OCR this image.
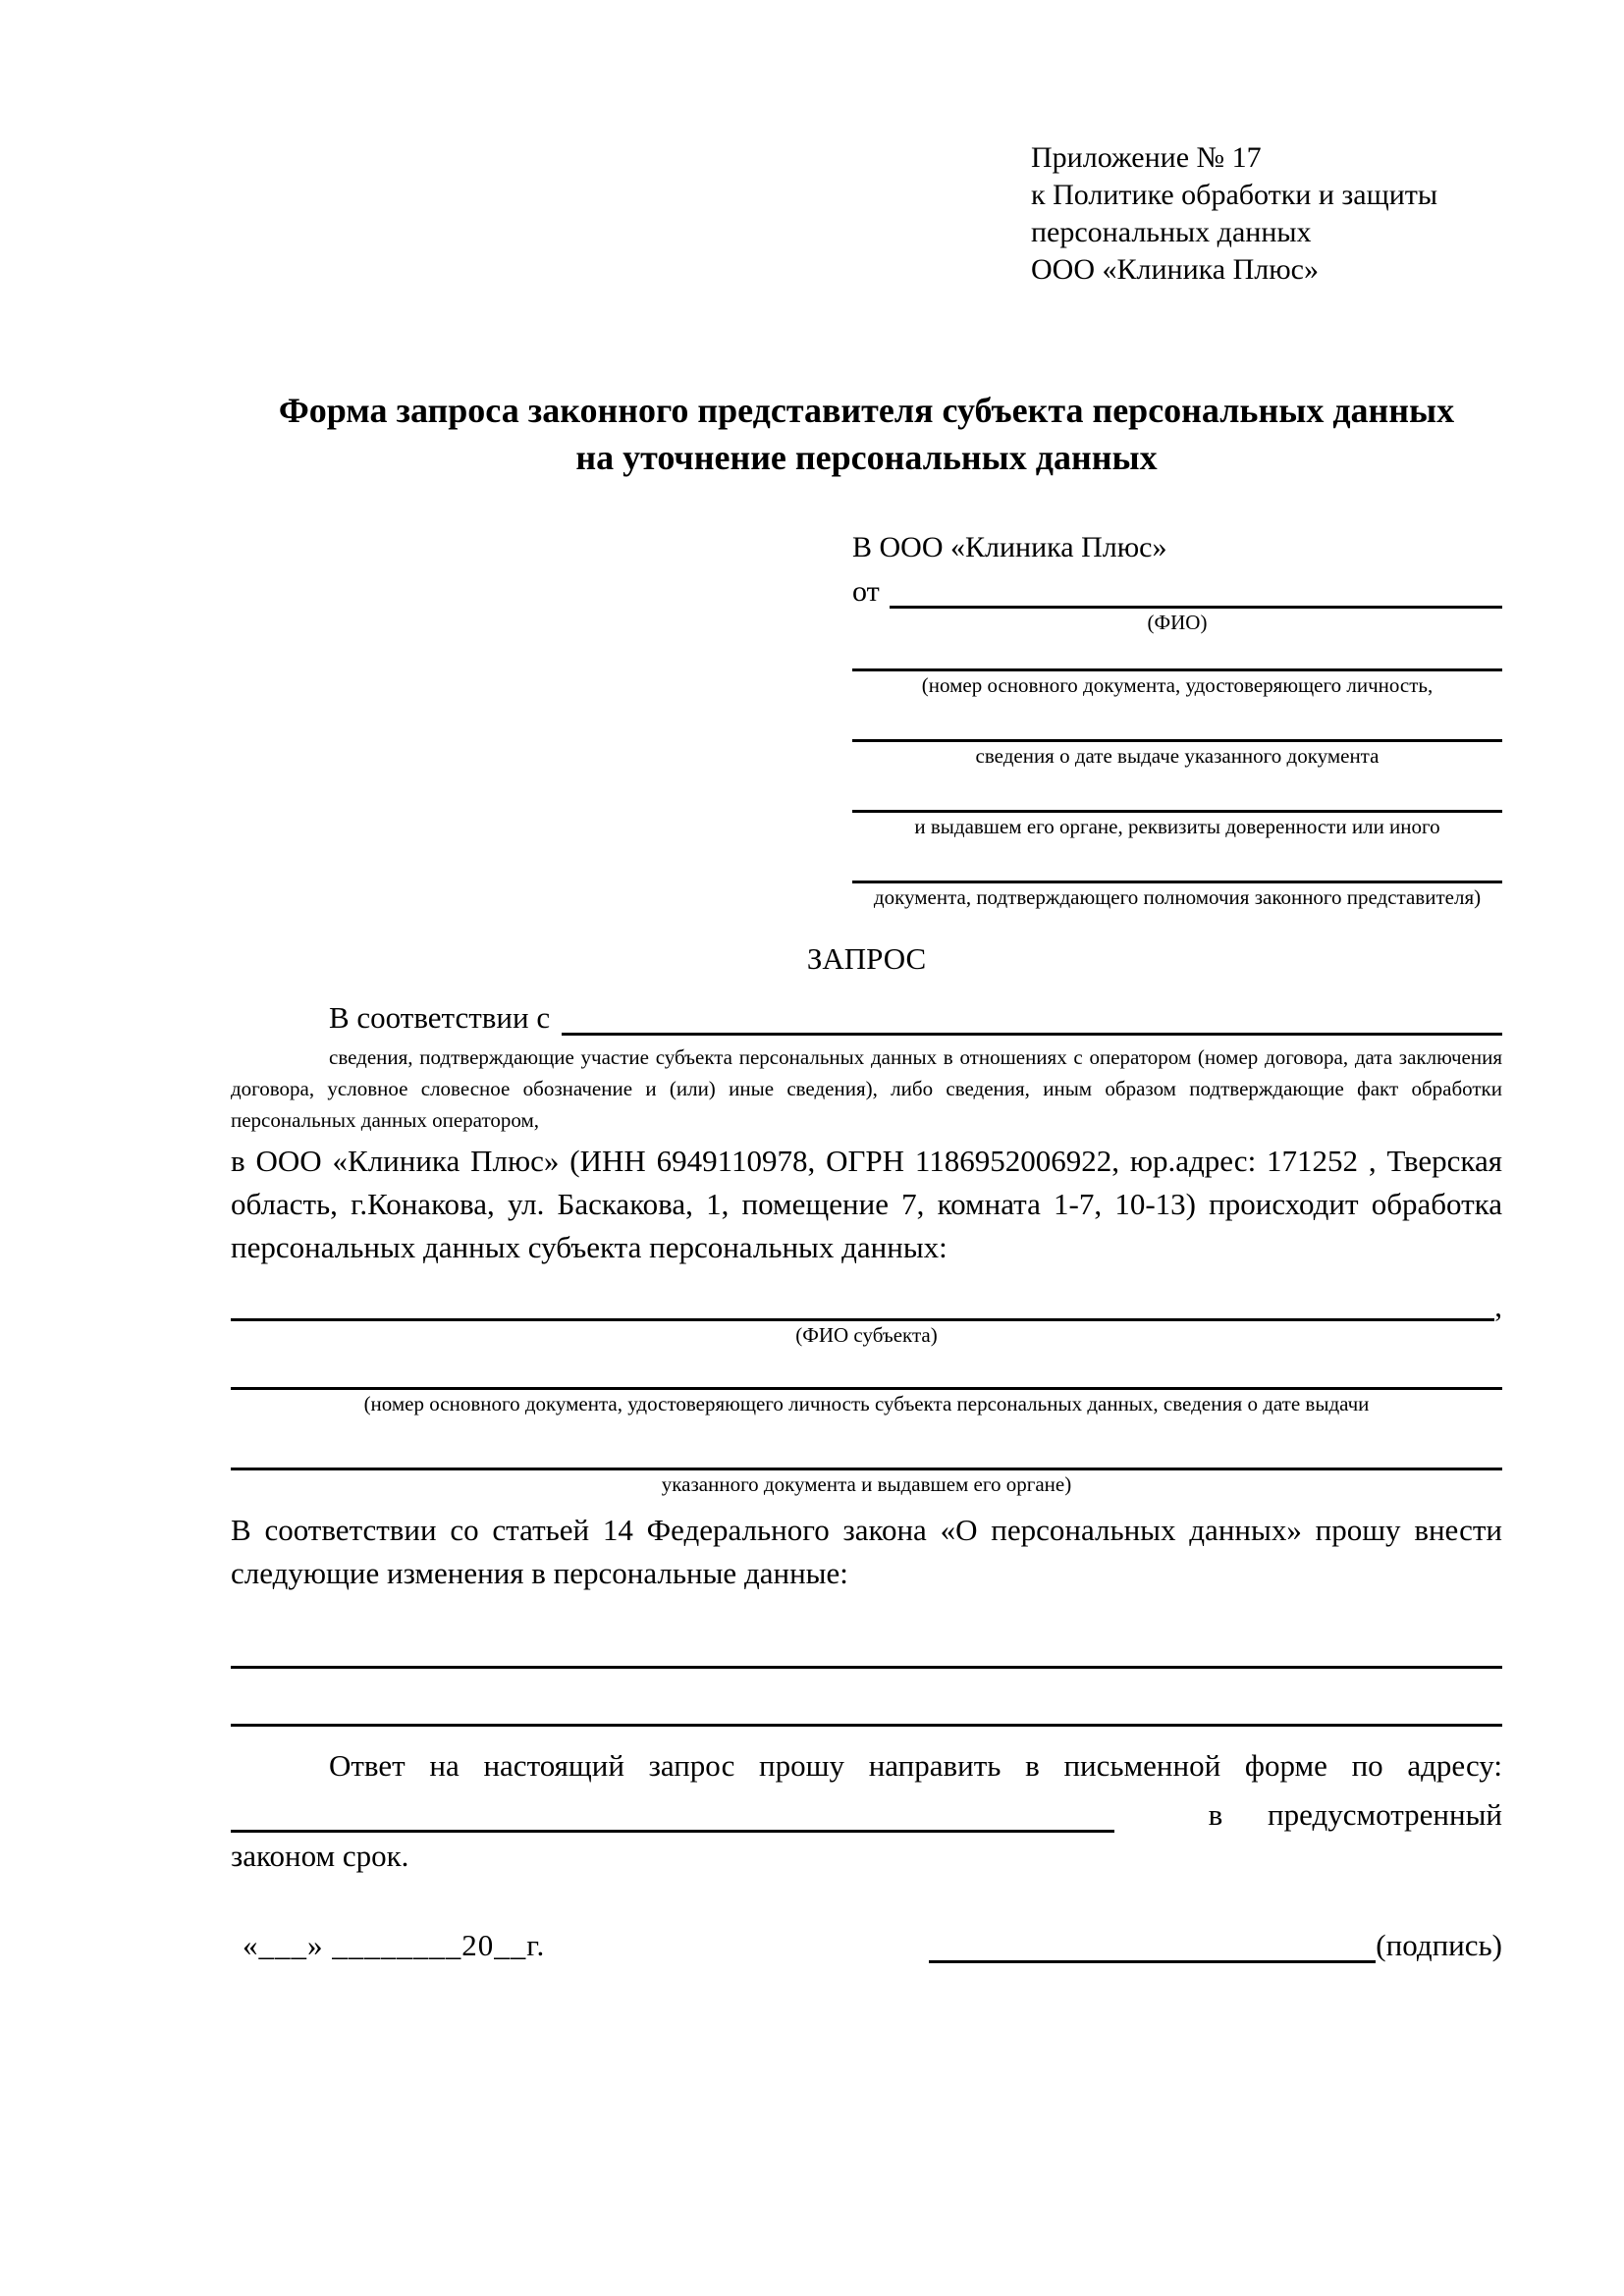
Приложение № 17
к Политике обработки и защиты
персональных данных
ООО «Клиника Плюс»
Форма запроса законного представителя субъекта персональных данных
на уточнение персональных данных
В ООО «Клиника Плюс»
от
(ФИО)
(номер основного документа, удостоверяющего личность,
сведения о дате выдаче указанного документа
и выдавшем его органе, реквизиты доверенности или иного
документа, подтверждающего полномочия законного представителя)
ЗАПРОС
В соответствии с
сведения, подтверждающие участие субъекта персональных данных в отношениях с оператором (номер договора, дата заключения договора, условное словесное обозначение и (или) иные сведения), либо сведения, иным образом подтверждающие факт обработки персональных данных оператором,
в ООО «Клиника Плюс» (ИНН 6949110978, ОГРН 1186952006922, юр.адрес: 171252 , Тверская область, г.Конакова, ул. Баскакова, 1, помещение 7, комната 1-7, 10-13) происходит обработка персональных данных субъекта персональных данных:
,
(ФИО субъекта)
(номер основного документа, удостоверяющего личность субъекта персональных данных, сведения о дате выдачи
указанного документа и выдавшем его органе)
В соответствии со статьей 14 Федерального закона «О персональных данных» прошу внести следующие изменения в персональные данные:
Ответ на настоящий запрос прошу направить в письменной форме по адресу:
в предусмотренный
законом срок.
«___» ________20__г.	(подпись)
